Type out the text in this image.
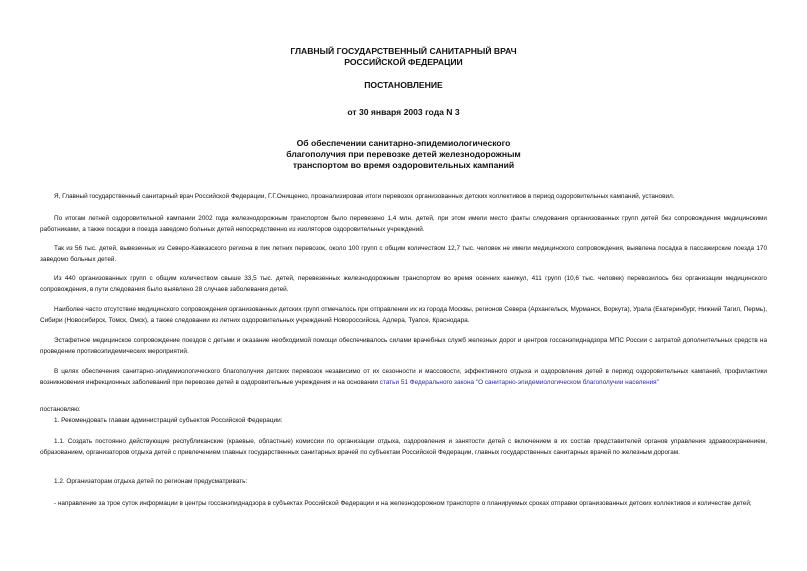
ГЛАВНЫЙ ГОСУДАРСТВЕННЫЙ САНИТАРНЫЙ ВРАЧ
РОССИЙСКОЙ ФЕДЕРАЦИИ
ПОСТАНОВЛЕНИЕ
от 30 января 2003 года N 3
Об обеспечении санитарно-эпидемиологического
благополучия при перевозке детей железнодорожным
транспортом во время оздоровительных кампаний

Я, Главный государственный санитарный врач Российской Федерации, Г.Г.Онищенко, проанализировав итоги перевозок организованных детских коллективов в период оздоровительных кампаний, установил.

По итогам летней оздоровительной кампании 2002 года железнодорожным транспортом было перевезено 1,4 млн. детей, при этом имели место факты следования организованных групп детей без сопровождения медицинскими работниками, а также посадки в поезда заведомо больных детей непосредственно из изоляторов оздоровительных учреждений.

Так из 56 тыс. детей, вывезенных из Северо-Кавказского региона в пик летних перевозок, около 100 групп с общим количеством 12,7 тыс. человек не имели медицинского сопровождения, выявлена посадка в пассажирские поезда 170 заведомо больных детей.

Из 440 организованных групп с общим количеством свыше 33,5 тыс. детей, перевезенных железнодорожным транспортом во время осенних каникул, 411 групп (10,6 тыс. человек) перевозилось без организации медицинского сопровождения, в пути следования было выявлено 28 случаев заболевания детей.

Наиболее часто отсутствие медицинского сопровождения организованных детских групп отмечалось при отправлении их из города Москвы, регионов Севера (Архангельск, Мурманск, Воркута), Урала (Екатеринбург, Нижний Тагил, Пермь), Сибири (Новосибирск, Томск, Омск), а также следовании из летних оздоровительных учреждений Новороссийска, Адлера, Туапсе, Краснодара.

Эстафетное медицинское сопровождение поездов с детьми и оказание необходимой помощи обеспечивалось силами врачебных служб железных дорог и центров госсанэпиднадзора МПС России с затратой дополнительных средств на проведение противоэпидемических мероприятий.

В целях обеспечения санитарно-эпидемиологического благополучия детских перевозок независимо от их сезонности и массовости, эффективного отдыха и оздоровления детей в период оздоровительных кампаний, профилактики возникновения инфекционных заболеваний при перевозке детей в оздоровительные учреждения и на основании статьи 51 Федерального закона "О санитарно-эпидемиологическом благополучии населения"

постановляю:

1. Рекомендовать главам администраций субъектов Российской Федерации:

1.1. Создать постоянно действующие республиканские (краевые, областные) комиссии по организации отдыха, оздоровления и занятости детей с включением в их состав представителей органов управления здравоохранением, образованием, организаторов отдыха детей с привлечением главных государственных санитарных врачей по субъектам Российской Федерации, главных государственных санитарных врачей по железным дорогам.

1.2. Организаторам отдыха детей по регионам предусматривать:

- направление за трое суток информации в центры госсанэпиднадзора в субъектах Российской Федерации и на железнодорожном транспорте о планируемых сроках отправки организованных детских коллективов и количестве детей;
